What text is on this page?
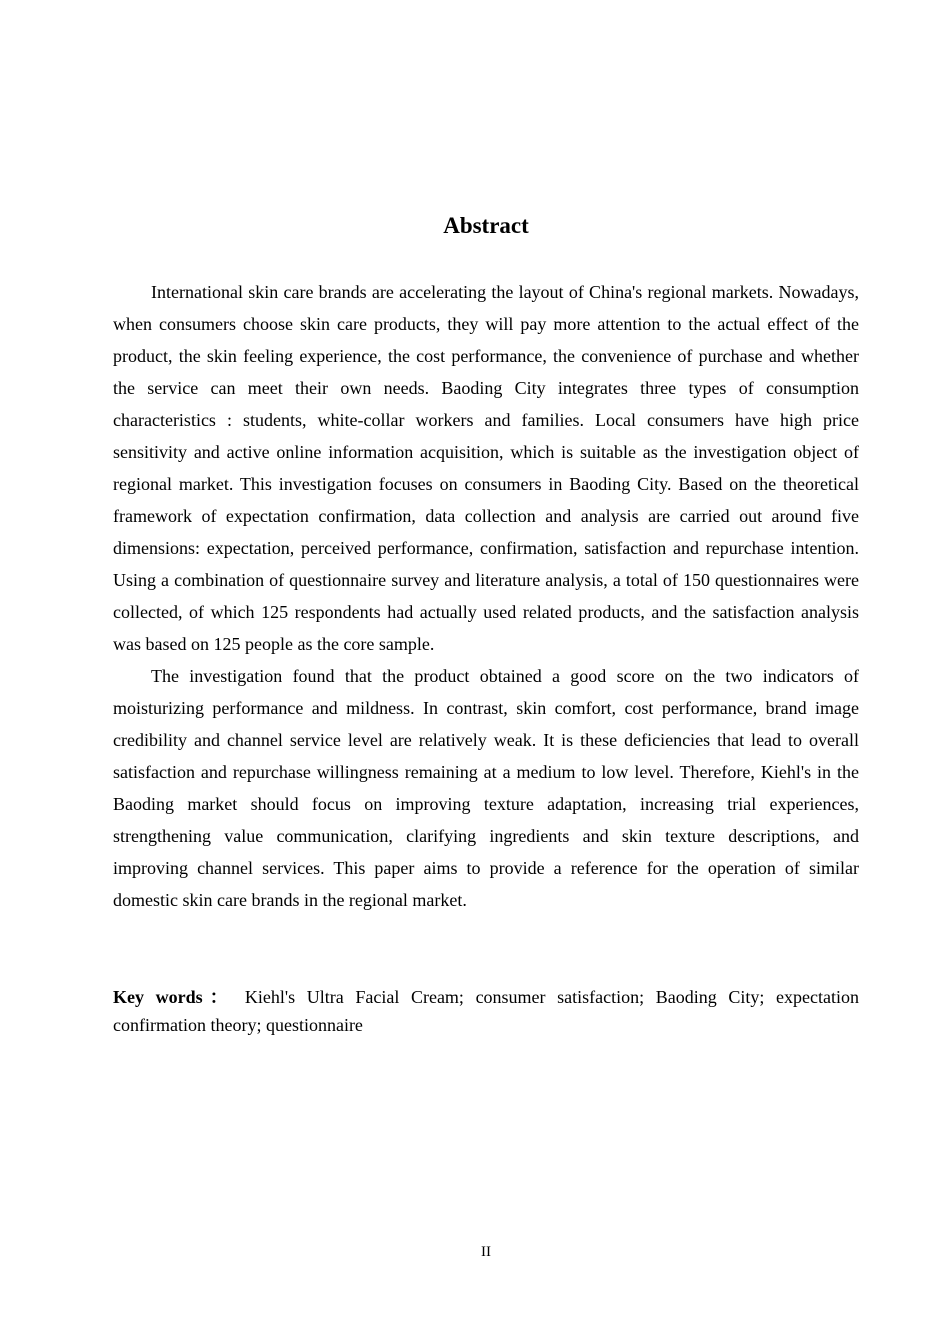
Abstract

International skin care brands are accelerating the layout of China's regional markets. Nowadays, when consumers choose skin care products, they will pay more attention to the actual effect of the product, the skin feeling experience, the cost performance, the convenience of purchase and whether the service can meet their own needs. Baoding City integrates three types of consumption characteristics : students, white-collar workers and families. Local consumers have high price sensitivity and active online information acquisition, which is suitable as the investigation object of regional market. This investigation focuses on consumers in Baoding City. Based on the theoretical framework of expectation confirmation, data collection and analysis are carried out around five dimensions: expectation, perceived performance, confirmation, satisfaction and repurchase intention. Using a combination of questionnaire survey and literature analysis, a total of 150 questionnaires were collected, of which 125 respondents had actually used related products, and the satisfaction analysis was based on 125 people as the core sample.

The investigation found that the product obtained a good score on the two indicators of moisturizing performance and mildness. In contrast, skin comfort, cost performance, brand image credibility and channel service level are relatively weak. It is these deficiencies that lead to overall satisfaction and repurchase willingness remaining at a medium to low level. Therefore, Kiehl's in the Baoding market should focus on improving texture adaptation, increasing trial experiences, strengthening value communication, clarifying ingredients and skin texture descriptions, and improving channel services. This paper aims to provide a reference for the operation of similar domestic skin care brands in the regional market.

Key words： Kiehl's Ultra Facial Cream; consumer satisfaction; Baoding City; expectation confirmation theory; questionnaire

II
